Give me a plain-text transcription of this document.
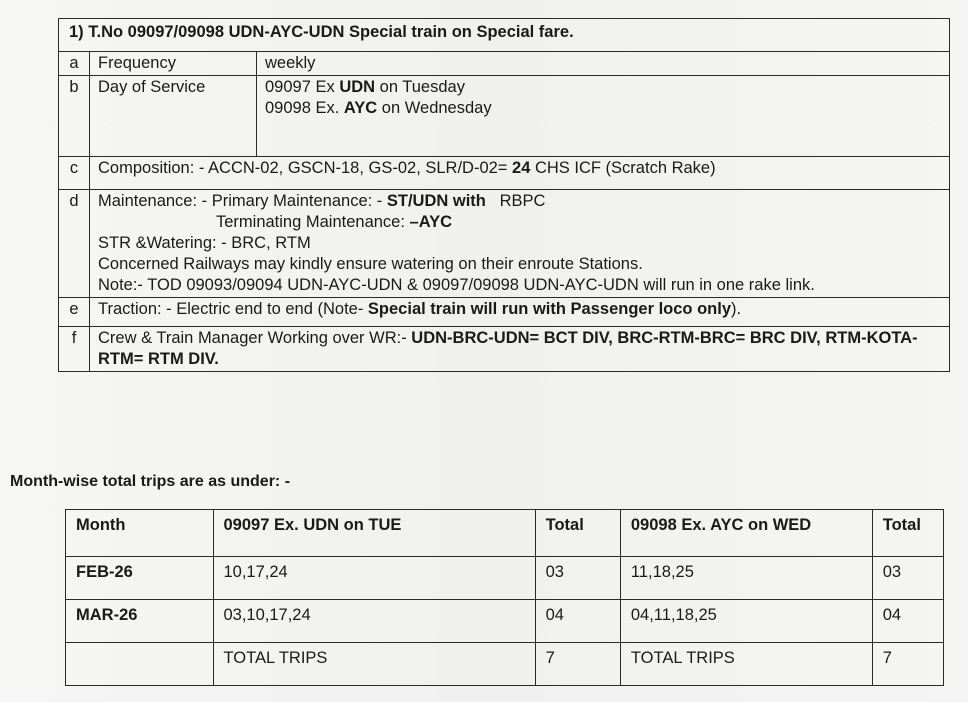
1) T.No 09097/09098 UDN-AYC-UDN Special train on Special fare.		
a	Frequency	weekly
b	Day of Service	09097 Ex UDN on Tuesday
09098 Ex. AYC on Wednesday

c	Composition: - ACCN-02, GSCN-18, GS-02, SLR/D-02= 24 CHS ICF (Scratch Rake)	
d	Maintenance: - Primary Maintenance: - ST/UDN with   RBPC
Terminating Maintenance: –AYC
STR &Watering: - BRC, RTM
Concerned Railways may kindly ensure watering on their enroute Stations.
Note:- TOD 09093/09094 UDN-AYC-UDN & 09097/09098 UDN-AYC-UDN will run in one rake link.	

e	Traction: - Electric end to end (Note- Special train will run with Passenger loco only).	
f	Crew & Train Manager Working over WR:- UDN-BRC-UDN= BCT DIV, BRC-RTM-BRC= BRC DIV, RTM-KOTA-RTM= RTM DIV.	
Month-wise total trips are as under: -
Month	09097 Ex. UDN on TUE	Total	09098 Ex. AYC on WED	Total
FEB-26	10,17,24	03	11,18,25	03
MAR-26	03,10,17,24	04	04,11,18,25	04
	TOTAL TRIPS	7	TOTAL TRIPS	7
